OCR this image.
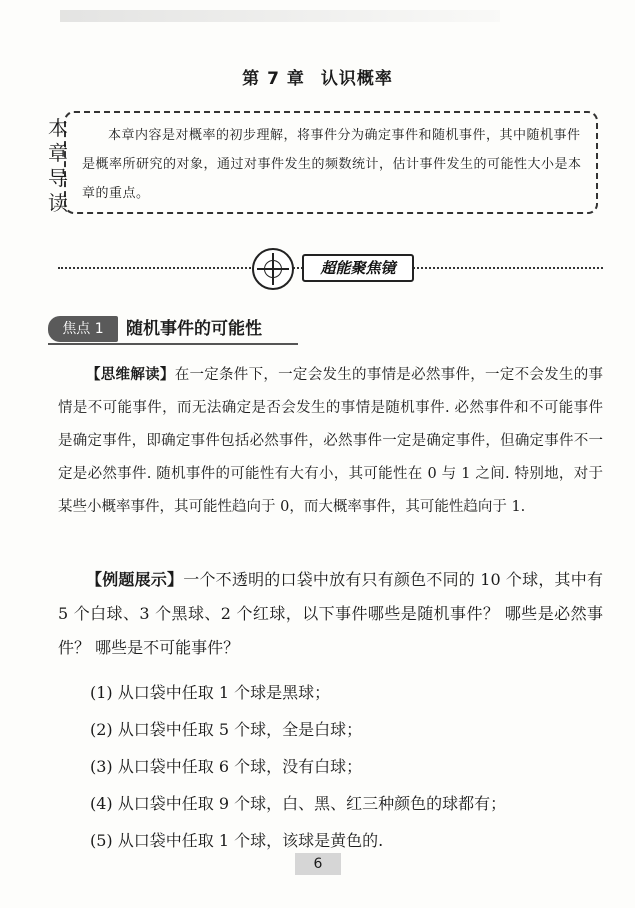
第 7 章 认识概率
本
章
导
读

本章内容是对概率的初步理解，将事件分为确定事件和随机事件，其中随机事件是概率所研究的对象，通过对事件发生的频数统计，估计事件发生的可能性大小是本章的重点。

超能聚焦镜
焦点 1	随机事件的可能性

【思维解读】在一定条件下，一定会发生的事情是必然事件，一定不会发生的事情是不可能事件，而无法确定是否会发生的事情是随机事件. 必然事件和不可能事件是确定事件，即确定事件包括必然事件，必然事件一定是确定事件，但确定事件不一定是必然事件. 随机事件的可能性有大有小，其可能性在 0 与 1 之间. 特别地，对于某些小概率事件，其可能性趋向于 0，而大概率事件，其可能性趋向于 1.

【例题展示】一个不透明的口袋中放有只有颜色不同的 10 个球，其中有 5 个白球、3 个黑球、2 个红球，以下事件哪些是随机事件？ 哪些是必然事件？ 哪些是不可能事件？

(1) 从口袋中任取 1 个球是黑球；
(2) 从口袋中任取 5 个球，全是白球；
(3) 从口袋中任取 6 个球，没有白球；
(4) 从口袋中任取 9 个球，白、黑、红三种颜色的球都有；
(5) 从口袋中任取 1 个球，该球是黄色的.
6
